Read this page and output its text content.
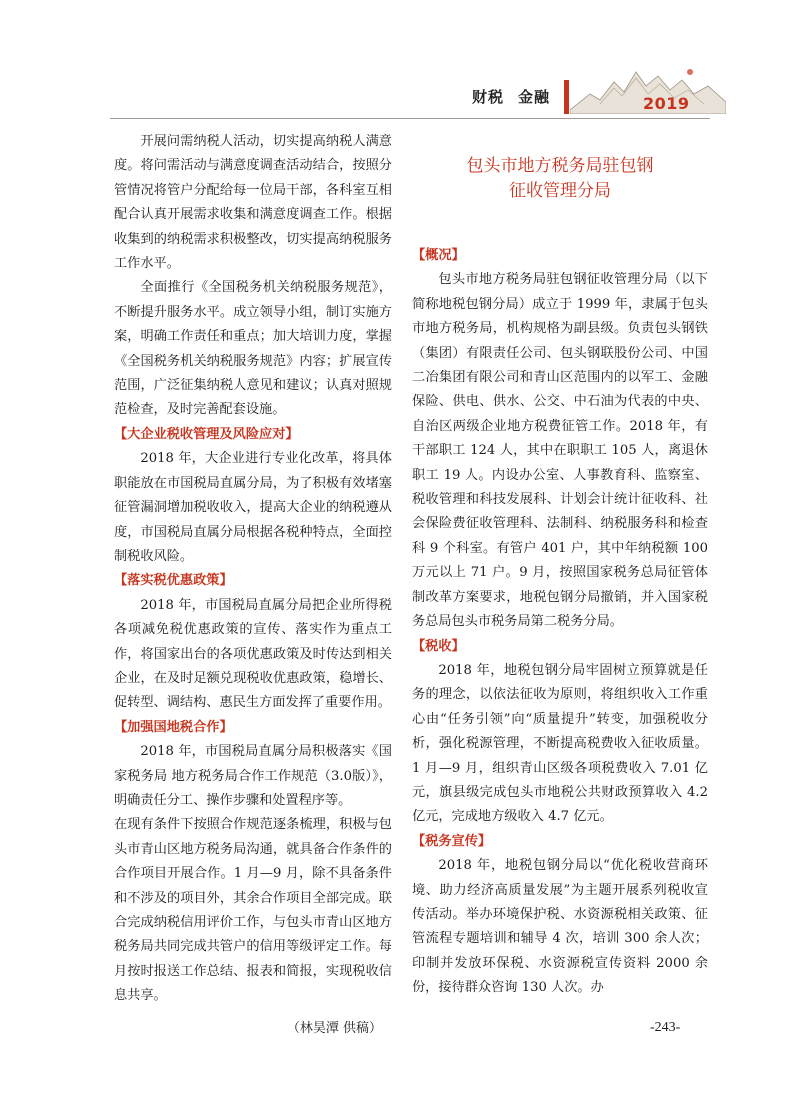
财税 金融	2019

开展问需纳税人活动，切实提高纳税人满意度。将问需活动与满意度调查活动结合，按照分管情况将管户分配给每一位局干部，各科室互相配合认真开展需求收集和满意度调查工作。根据收集到的纳税需求积极整改，切实提高纳税服务工作水平。

全面推行《全国税务机关纳税服务规范》，不断提升服务水平。成立领导小组，制订实施方案，明确工作责任和重点；加大培训力度，掌握《全国税务机关纳税服务规范》内容；扩展宣传范围，广泛征集纳税人意见和建议；认真对照规范检查，及时完善配套设施。

【大企业税收管理及风险应对】

2018 年，大企业进行专业化改革，将具体职能放在市国税局直属分局，为了积极有效堵塞征管漏洞增加税收收入，提高大企业的纳税遵从度，市国税局直属分局根据各税种特点，全面控制税收风险。

【落实税优惠政策】

2018 年，市国税局直属分局把企业所得税各项减免税优惠政策的宣传、落实作为重点工作，将国家出台的各项优惠政策及时传达到相关企业，在及时足额兑现税收优惠政策，稳增长、促转型、调结构、惠民生方面发挥了重要作用。

【加强国地税合作】

2018 年，市国税局直属分局积极落实《国家税务局 地方税务局合作工作规范（3.0版）》，明确责任分工、操作步骤和处置程序等。

在现有条件下按照合作规范逐条梳理，积极与包头市青山区地方税务局沟通，就具备合作条件的合作项目开展合作。1 月—9 月，除不具备条件和不涉及的项目外，其余合作项目全部完成。联合完成纳税信用评价工作，与包头市青山区地方税务局共同完成共管户的信用等级评定工作。每月按时报送工作总结、报表和简报，实现税收信息共享。

（林昊潭 供稿）
包头市地方税务局驻包钢
征收管理分局
【概况】

包头市地方税务局驻包钢征收管理分局（以下简称地税包钢分局）成立于 1999 年，隶属于包头市地方税务局，机构规格为副县级。负责包头钢铁（集团）有限责任公司、包头钢联股份公司、中国二冶集团有限公司和青山区范围内的以军工、金融保险、供电、供水、公交、中石油为代表的中央、自治区两级企业地方税费征管工作。2018 年，有干部职工 124 人，其中在职职工 105 人，离退休职工 19 人。内设办公室、人事教育科、监察室、税收管理和科技发展科、计划会计统计征收科、社会保险费征收管理科、法制科、纳税服务科和检查科 9 个科室。有管户 401 户，其中年纳税额 100 万元以上 71 户。9 月，按照国家税务总局征管体制改革方案要求，地税包钢分局撤销，并入国家税务总局包头市税务局第二税务分局。

【税收】

2018 年，地税包钢分局牢固树立预算就是任务的理念，以依法征收为原则，将组织收入工作重心由“任务引领”向“质量提升”转变，加强税收分析，强化税源管理，不断提高税费收入征收质量。1 月—9 月，组织青山区级各项税费收入 7.01 亿元，旗县级完成包头市地税公共财政预算收入 4.2 亿元，完成地方级收入 4.7 亿元。

【税务宣传】

2018 年，地税包钢分局以“优化税收营商环境、助力经济高质量发展”为主题开展系列税收宣传活动。举办环境保护税、水资源税相关政策、征管流程专题培训和辅导 4 次，培训 300 余人次；印制并发放环保税、水资源税宣传资料 2000 余份，接待群众咨询 130 人次。办

-243-
